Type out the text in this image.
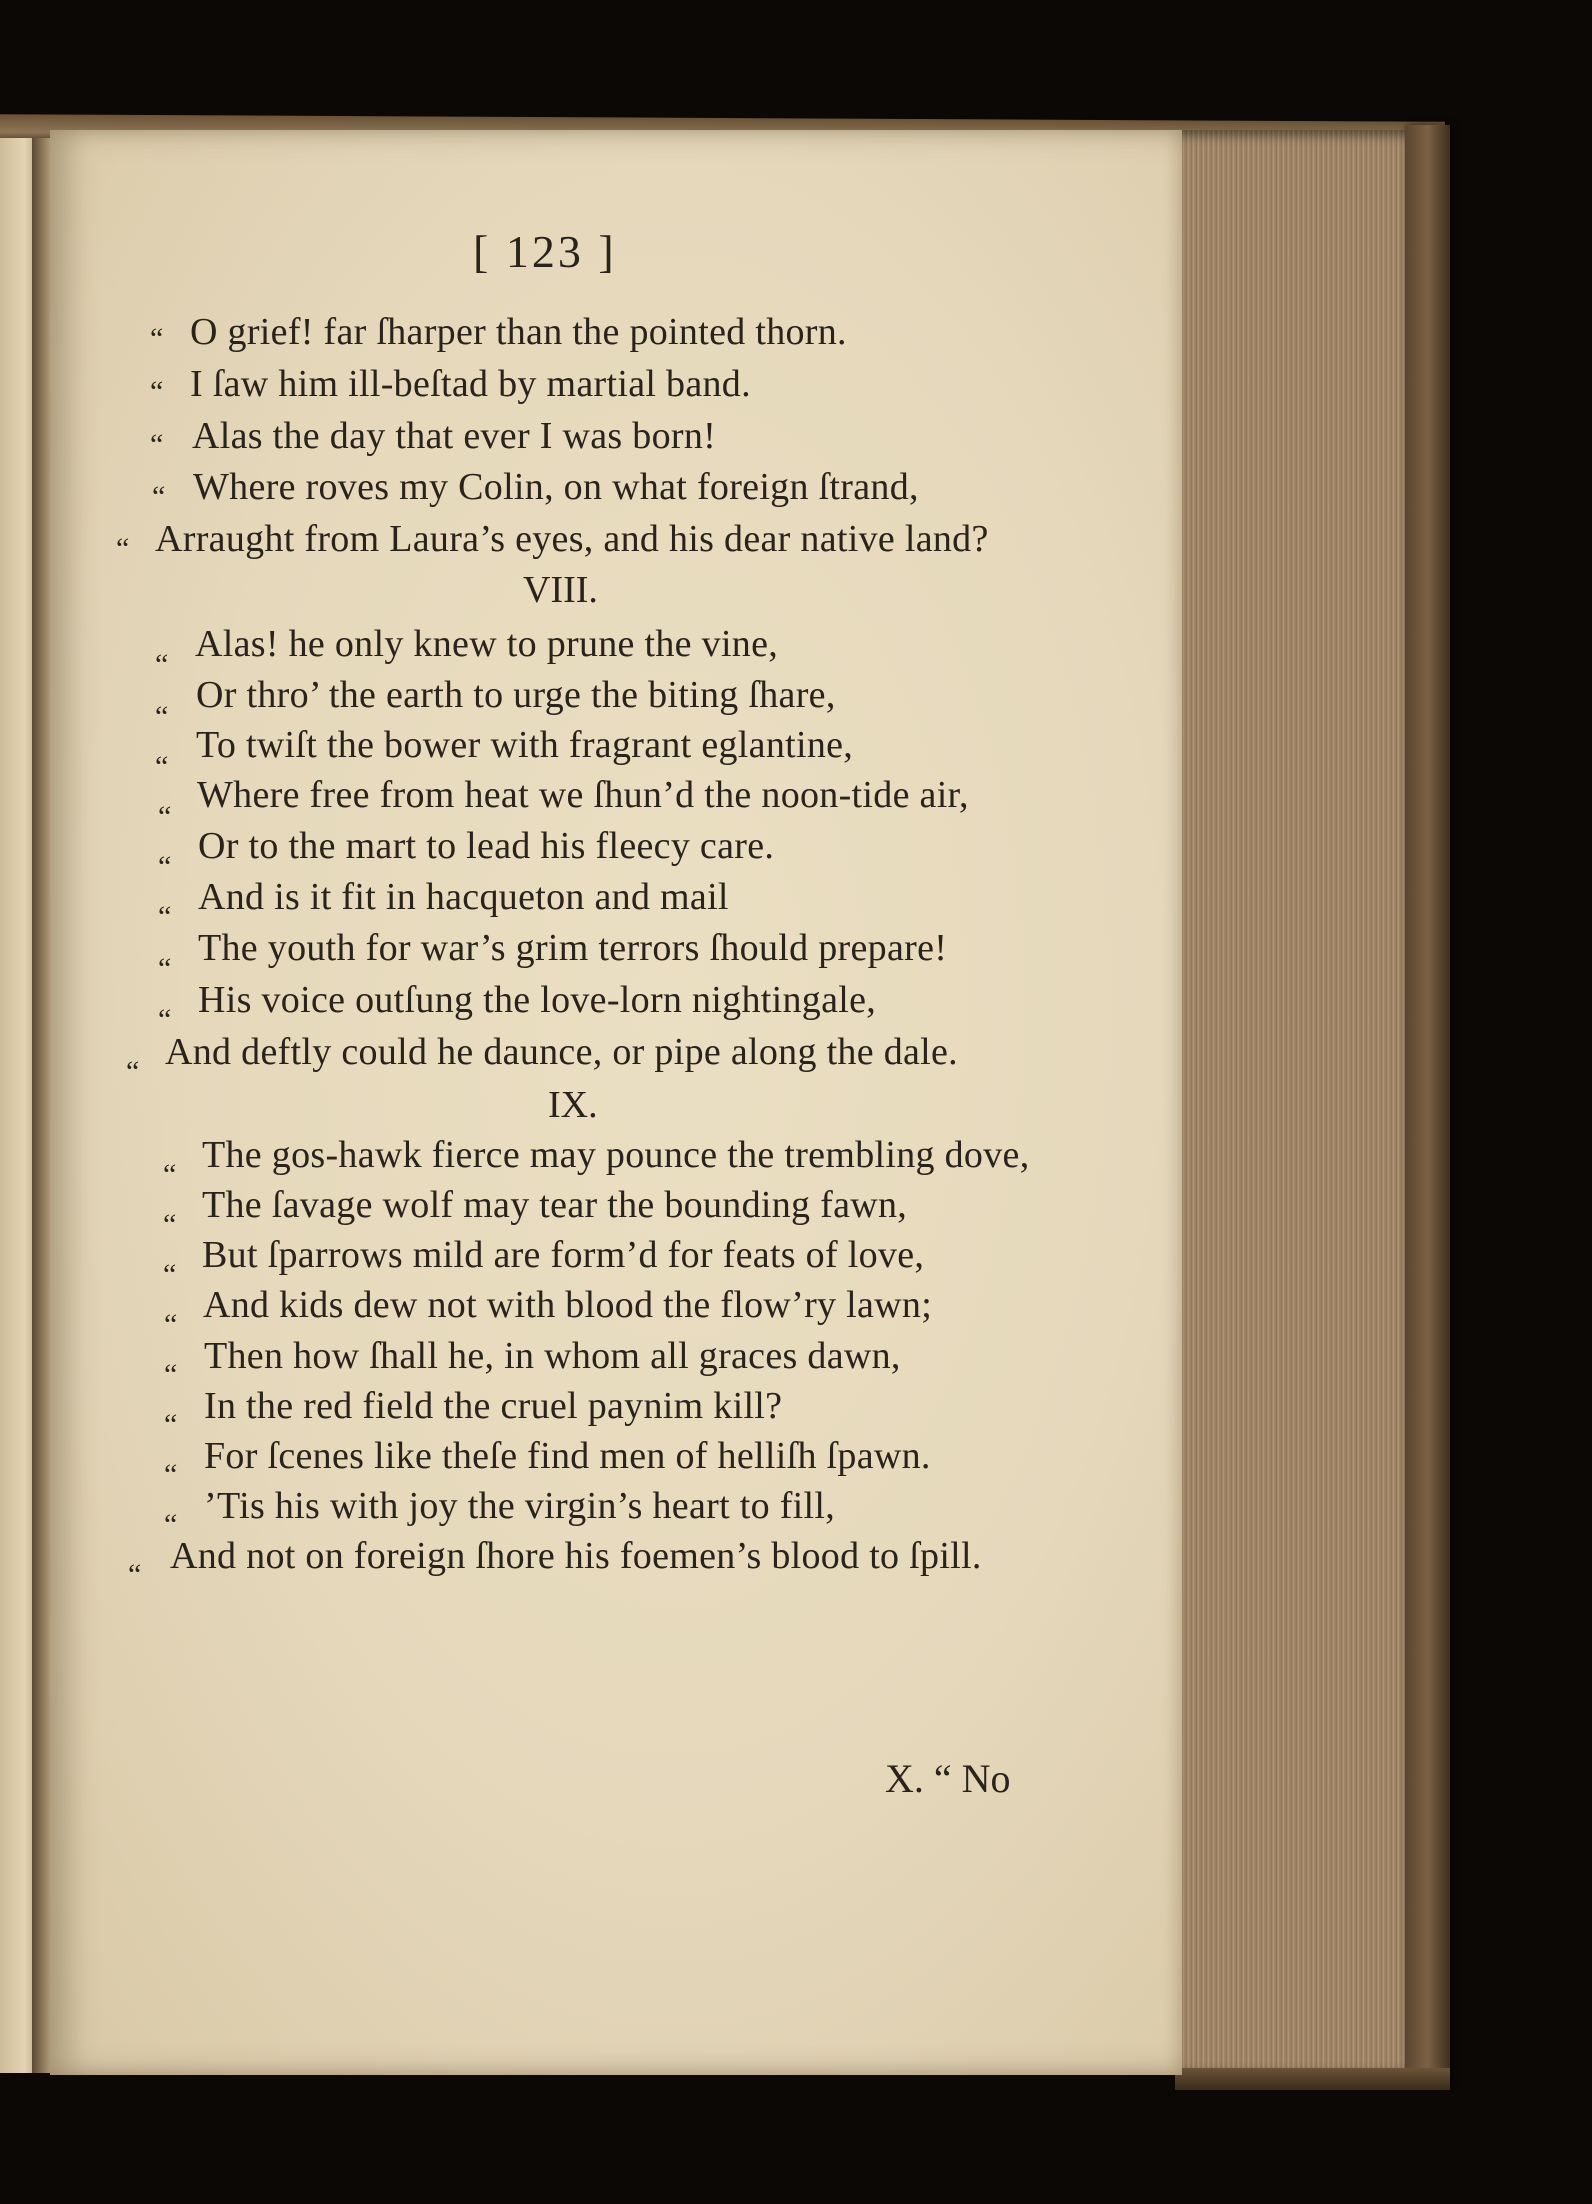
[ 123 ]
“ O grief! far ſharper than the pointed thorn.
“ I ſaw him ill-beſtad by martial band.
“ Alas the day that ever I was born!
“ Where roves my Colin, on what foreign ſtrand,
“ Arraught from Laura’s eyes, and his dear native land?
VIII.
“ Alas! he only knew to prune the vine,
“
Or thro’ the earth to urge the biting ſhare,
“
To twiſt the bower with fragrant eglantine,
“
Where free from heat we ſhun’d the noon-tide air,
“ Or to the mart to lead his fleecy care.
“ And is it fit in hacqueton and mail
“ The youth for war’s grim terrors ſhould prepare!
“ His voice outſung the love-lorn nightingale,
“ And deftly could he daunce, or pipe along the dale.
IX.
“ The gos-hawk fierce may pounce the trembling dove,
“ The ſavage wolf may tear the bounding fawn,
“ But ſparrows mild are form’d for feats of love,
“ And kids dew not with blood the flow’ry lawn;
“ Then how ſhall he, in whom all graces dawn,
“ In the red field the cruel paynim kill?
“ For ſcenes like theſe find men of helliſh ſpawn.
“ ’Tis his with joy the virgin’s heart to fill,
“ And not on foreign ſhore his foemen’s blood to ſpill.
X. “ No
